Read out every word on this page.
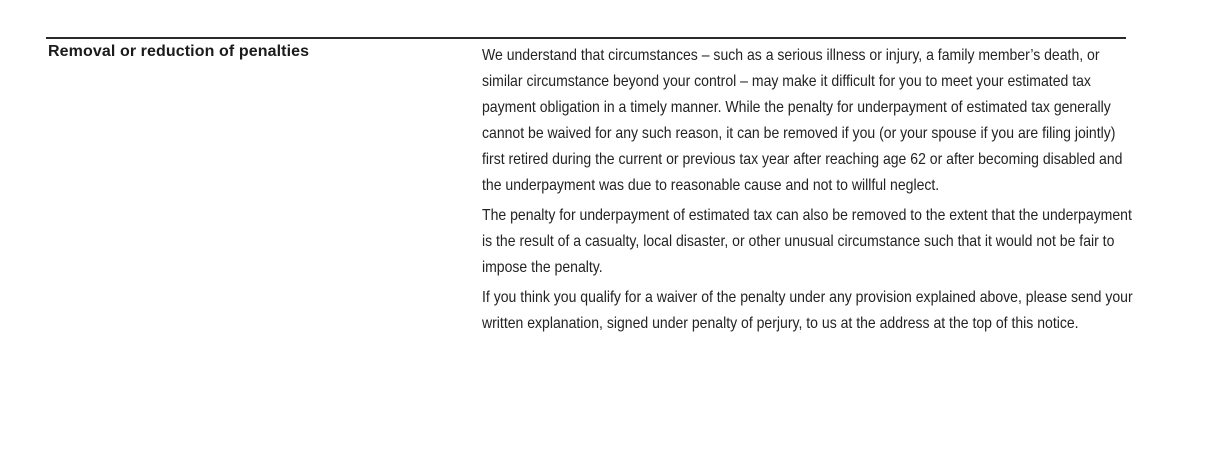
Removal or reduction of penalties	We understand that circumstances – such as a serious illness or injury, a family member’s death, or similar circumstance beyond your control – may make it difficult for you to meet your estimated tax payment obligation in a timely manner. While the penalty for underpayment of estimated tax generally cannot be waived for any such reason, it can be removed if you (or your spouse if you are filing jointly) first retired during the current or previous tax year after reaching age 62 or after becoming disabled and the underpayment was due to reasonable cause and not to willful neglect.

The penalty for underpayment of estimated tax can also be removed to the extent that the underpayment is the result of a casualty, local disaster, or other unusual circumstance such that it would not be fair to impose the penalty.

If you think you qualify for a waiver of the penalty under any provision explained above, please send your written explanation, signed under penalty of perjury, to us at the address at the top of this notice.
